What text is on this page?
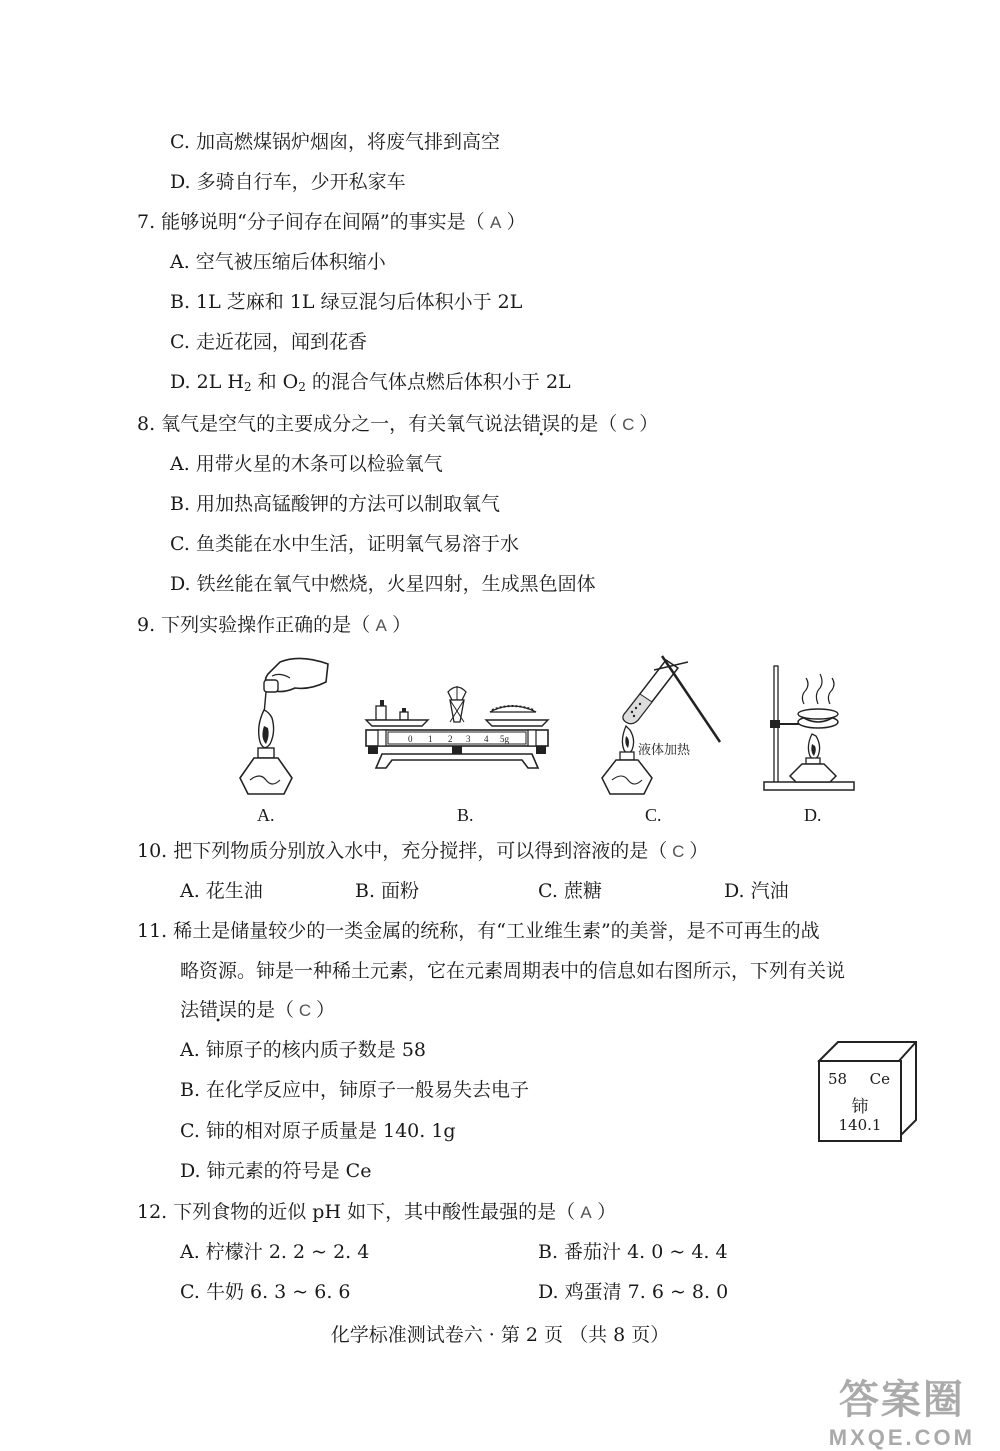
C. 加高燃煤锅炉烟囱，将废气排到高空
D. 多骑自行车，少开私家车
7. 能够说明“分子间存在间隔”的事实是（ A ）
A. 空气被压缩后体积缩小
B. 1L 芝麻和 1L 绿豆混匀后体积小于 2L
C. 走近花园，闻到花香
D. 2L $H_2$ 和 $O_2$ 的混合气体点燃后体积小于 2L
8. 氧气是空气的主要成分之一，有关氧气说法错误的是（ C ）
A. 用带火星的木条可以检验氧气
B. 用加热高锰酸钾的方法可以制取氧气
C. 鱼类能在水中生活，证明氧气易溶于水
D. 铁丝能在氧气中燃烧，火星四射，生成黑色固体
9. 下列实验操作正确的是（ A ）
A.
0 1 2 3 4 5g
B.
液体加热
C.	D.
10. 把下列物质分别放入水中，充分搅拌，可以得到溶液的是（ C ）
A. 花生油	B. 面粉	C. 蔗糖	D. 汽油
11. 稀土是储量较少的一类金属的统称，有“工业维生素”的美誉，是不可再生的战
略资源。铈是一种稀土元素，它在元素周期表中的信息如右图所示，下列有关说
法错误的是（ C ）
A. 铈原子的核内质子数是 58
B. 在化学反应中，铈原子一般易失去电子
C. 铈的相对原子质量是 140. 1g
D. 铈元素的符号是 Ce
58 Ce
铈
140.1
12. 下列食物的近似 pH 如下，其中酸性最强的是（ A ）
A. 柠檬汁 2. 2 ~ 2. 4	B. 番茄汁 4. 0 ~ 4. 4
C. 牛奶 6. 3 ~ 6. 6	D. 鸡蛋清 7. 6 ~ 8. 0
化学标准测试卷六 · 第 2 页 （共 8 页）
答案圈
MXQE.COM
